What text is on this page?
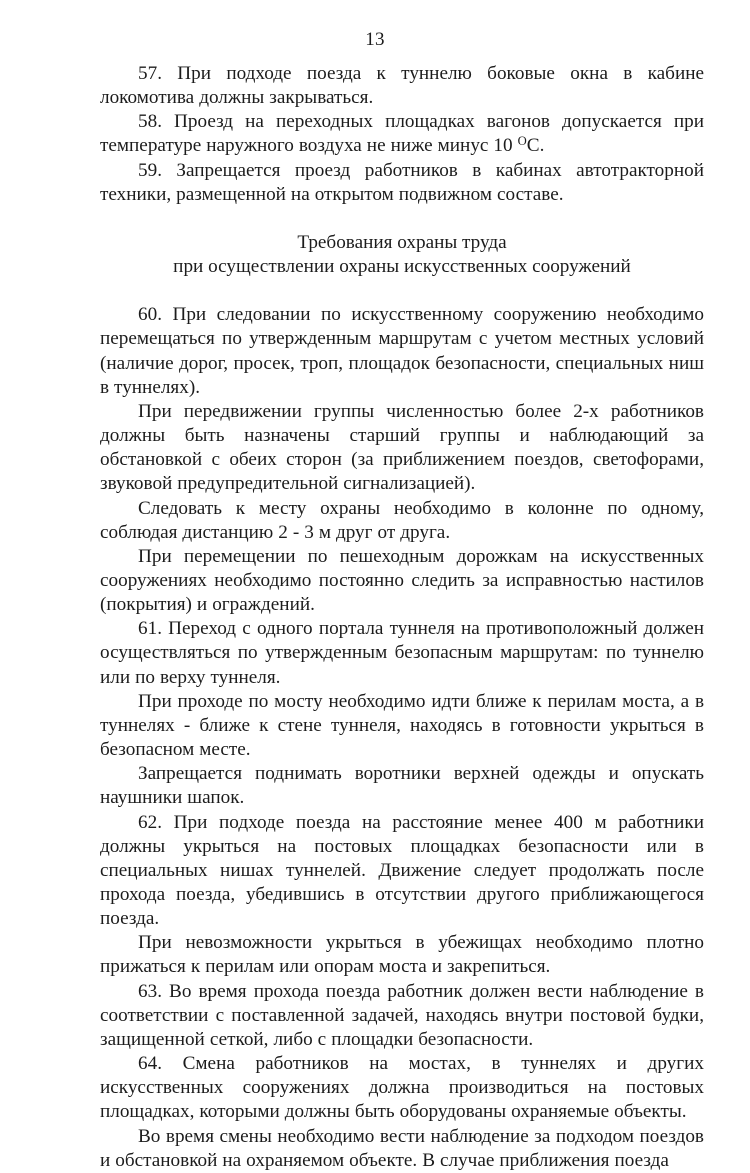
13

57. При подходе поезда к туннелю боковые окна в кабине локомотива должны закрываться.

58. Проезд на переходных площадках вагонов допускается при температуре наружного воздуха не ниже минус 10 $^O$С.

59. Запрещается проезд работников в кабинах автотракторной техники, размещенной на открытом подвижном составе.

Требования охраны труда

при осуществлении охраны искусственных сооружений

60. При следовании по искусственному сооружению необходимо перемещаться по утвержденным маршрутам с учетом местных условий (наличие дорог, просек, троп, площадок безопасности, специальных ниш в туннелях).

При передвижении группы численностью более 2-х работников должны быть назначены старший группы и наблюдающий за обстановкой с обеих сторон (за приближением поездов, светофорами, звуковой предупредительной сигнализацией).

Следовать к месту охраны необходимо в колонне по одному, соблюдая дистанцию 2 - 3 м друг от друга.

При перемещении по пешеходным дорожкам на искусственных сооружениях необходимо постоянно следить за исправностью настилов (покрытия) и ограждений.

61. Переход с одного портала туннеля на противоположный должен осуществляться по утвержденным безопасным маршрутам: по туннелю или по верху туннеля.

При проходе по мосту необходимо идти ближе к перилам моста, а в туннелях - ближе к стене туннеля, находясь в готовности укрыться в безопасном месте.

Запрещается поднимать воротники верхней одежды и опускать наушники шапок.

62. При подходе поезда на расстояние менее 400 м работники должны укрыться на постовых площадках безопасности или в специальных нишах туннелей. Движение следует продолжать после прохода поезда, убедившись в отсутствии другого приближающегося поезда.

При невозможности укрыться в убежищах необходимо плотно прижаться к перилам или опорам моста и закрепиться.

63. Во время прохода поезда работник должен вести наблюдение в соответствии с поставленной задачей, находясь внутри постовой будки, защищенной сеткой, либо с площадки безопасности.

64. Смена работников на мостах, в туннелях и других искусственных сооружениях должна производиться на постовых площадках, которыми должны быть оборудованы охраняемые объекты.

Во время смены необходимо вести наблюдение за подходом поездов и обстановкой на охраняемом объекте. В случае приближения поезда
